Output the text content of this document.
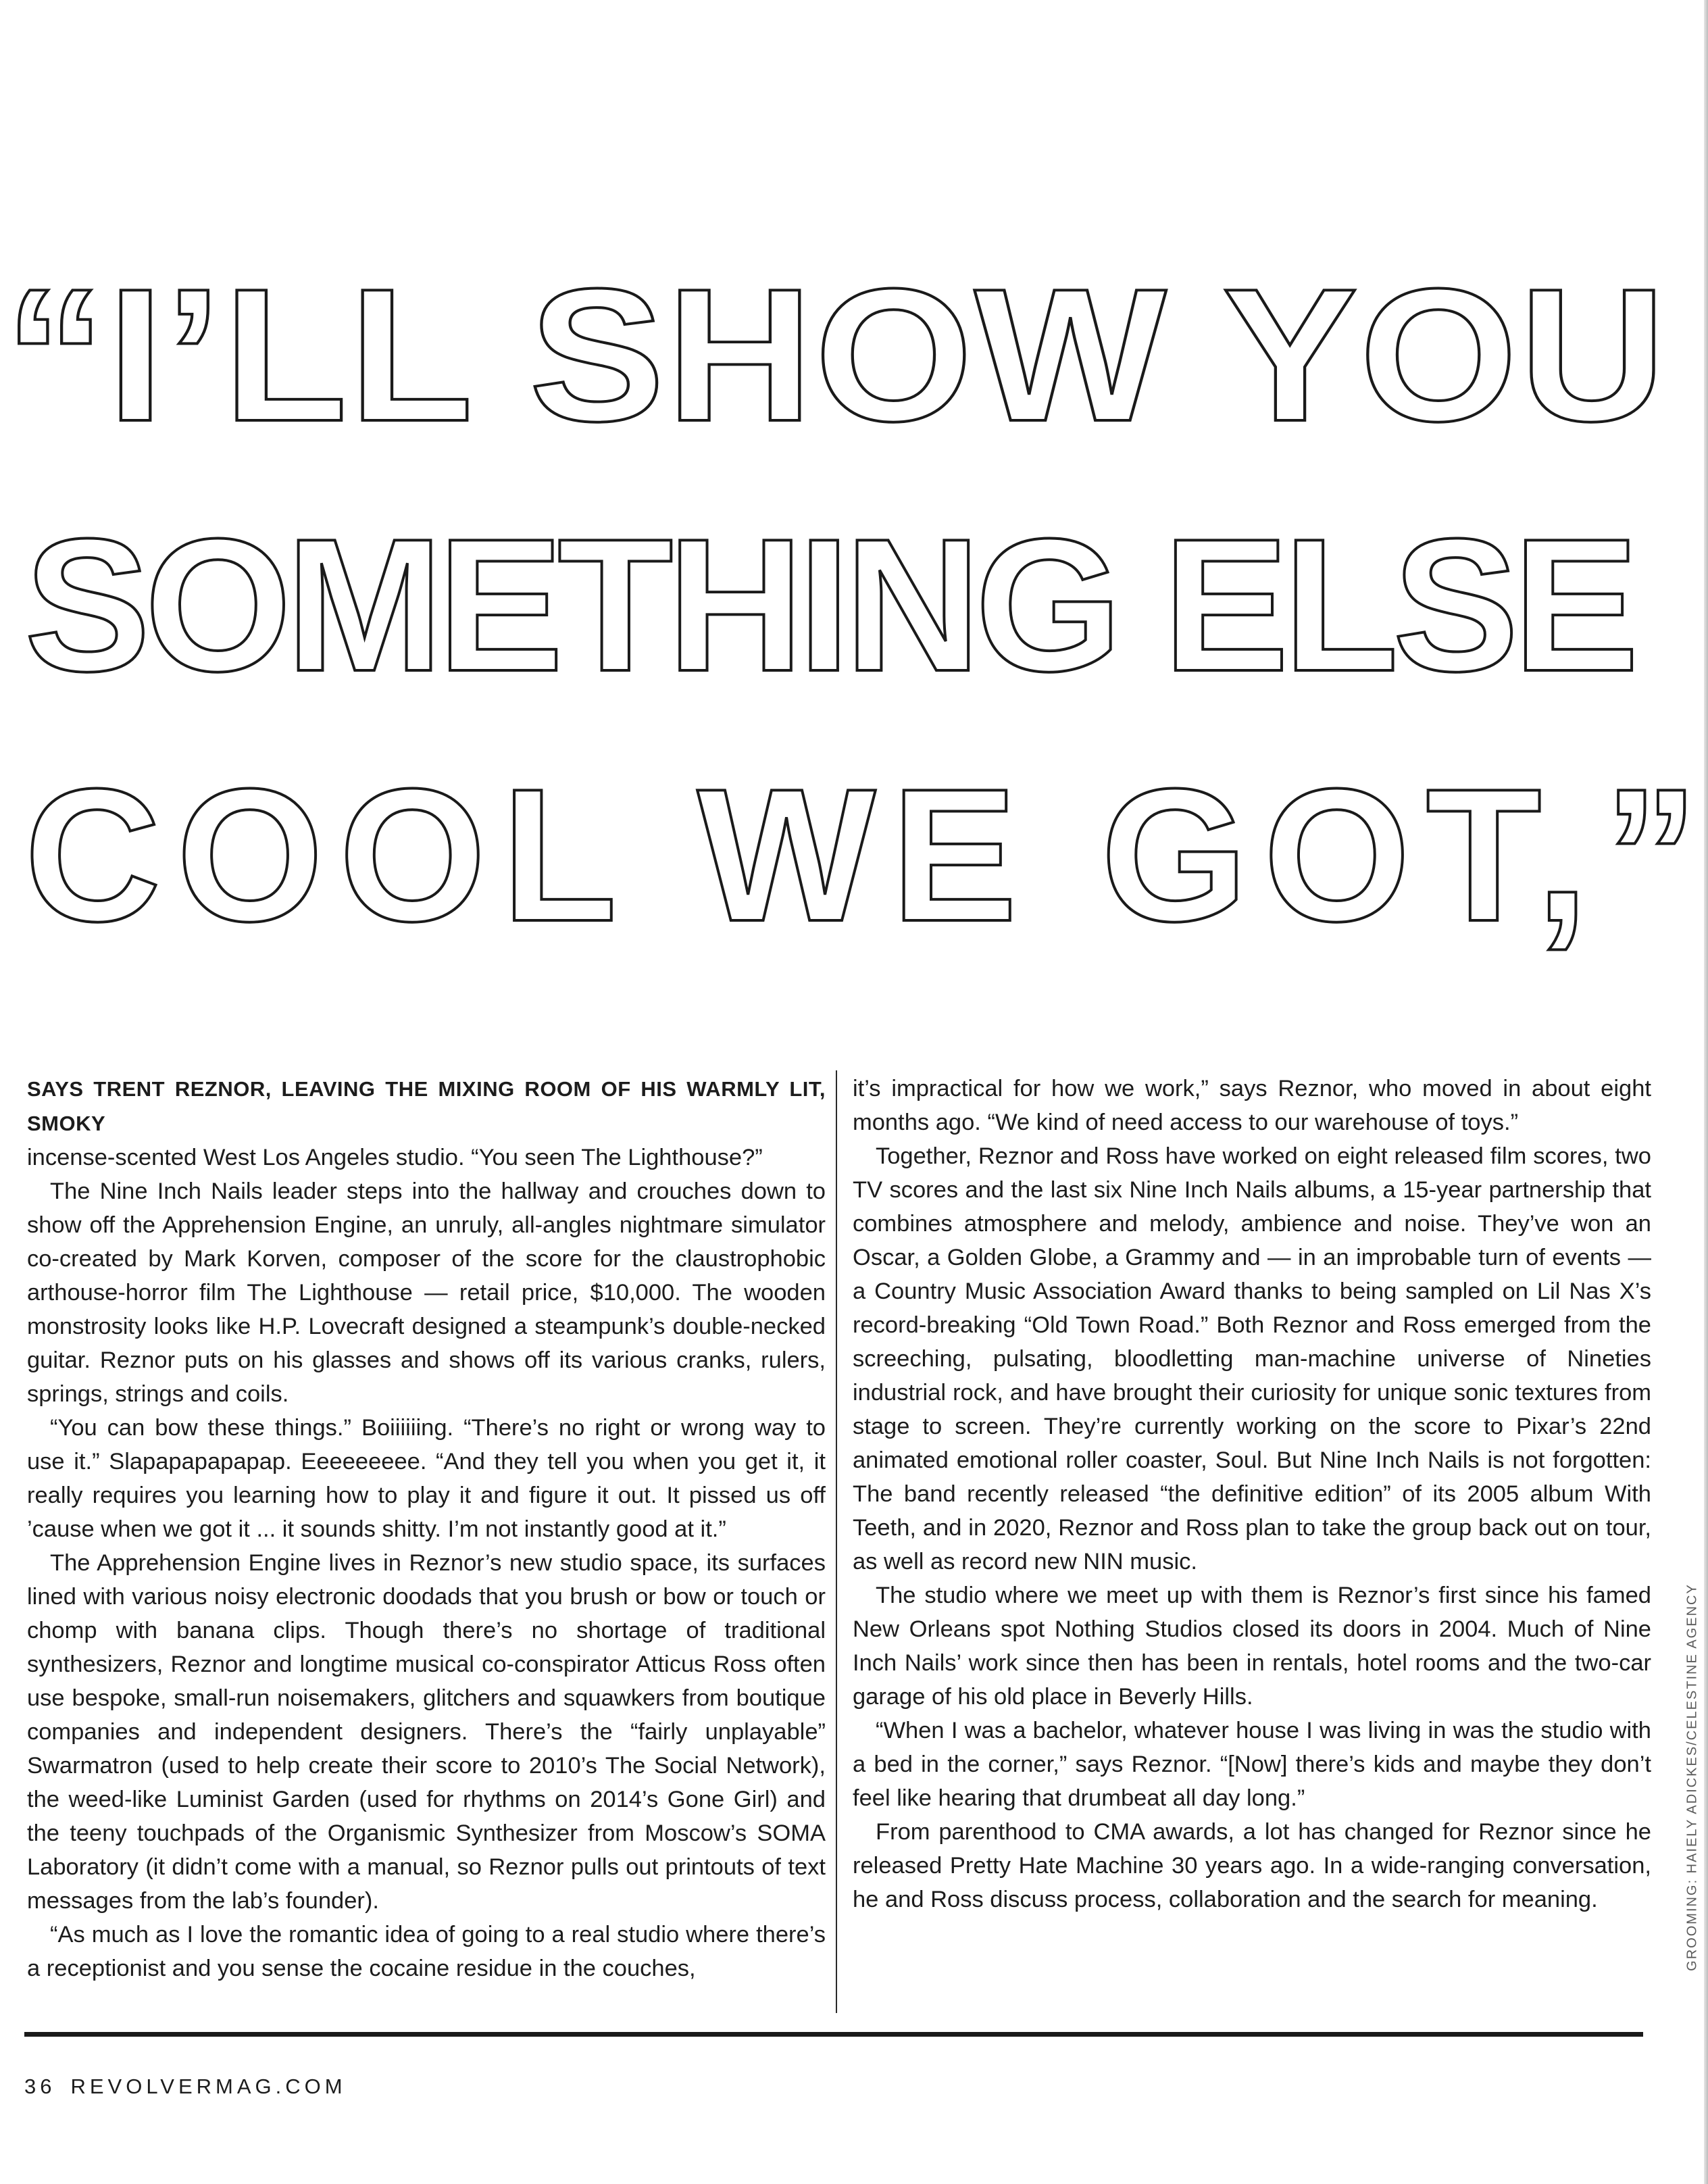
“I’LL SHOW YOU
SOMETHING ELSE
COOL WE GOT,”

SAYS TRENT REZNOR, LEAVING THE MIXING ROOM OF HIS WARMLY LIT, SMOKY
incense-scented West Los Angeles studio. “You seen The Lighthouse?”

The Nine Inch Nails leader steps into the hallway and crouches down to show off the Apprehension Engine, an unruly, all-angles nightmare simulator co-created by Mark Korven, composer of the score for the claustrophobic arthouse-horror film The Lighthouse — retail price, $10,000. The wooden monstrosity looks like H.P. Lovecraft designed a steampunk’s double-necked guitar. Reznor puts on his glasses and shows off its various cranks, rulers, springs, strings and coils.

“You can bow these things.” Boiiiiiing. “There’s no right or wrong way to use it.” Slapapapapapap. Eeeeeeeee. “And they tell you when you get it, it really requires you learning how to play it and figure it out. It pissed us off ’cause when we got it ... it sounds shitty. I’m not instantly good at it.”

The Apprehension Engine lives in Reznor’s new studio space, its surfaces lined with various noisy electronic doodads that you brush or bow or touch or chomp with banana clips. Though there’s no shortage of traditional synthesizers, Reznor and longtime musical co-conspirator Atticus Ross often use bespoke, small-run noisemakers, glitchers and squawkers from boutique companies and independent designers. There’s the “fairly unplayable” Swarmatron (used to help create their score to 2010’s The Social Network), the weed-like Luminist Garden (used for rhythms on 2014’s Gone Girl) and the teeny touchpads of the Organismic Synthesizer from Moscow’s SOMA Laboratory (it didn’t come with a manual, so Reznor pulls out printouts of text messages from the lab’s founder).

“As much as I love the romantic idea of going to a real studio where there’s a receptionist and you sense the cocaine residue in the couches,

it’s impractical for how we work,” says Reznor, who moved in about eight months ago. “We kind of need access to our warehouse of toys.”

Together, Reznor and Ross have worked on eight released film scores, two TV scores and the last six Nine Inch Nails albums, a 15-year partnership that combines atmosphere and melody, ambience and noise. They’ve won an Oscar, a Golden Globe, a Grammy and — in an improbable turn of events — a Country Music Association Award thanks to being sampled on Lil Nas X’s record-breaking “Old Town Road.” Both Reznor and Ross emerged from the screeching, pulsating, bloodletting man-machine universe of Nineties industrial rock, and have brought their curiosity for unique sonic textures from stage to screen. They’re currently working on the score to Pixar’s 22nd animated emotional roller coaster, Soul. But Nine Inch Nails is not forgotten: The band recently released “the definitive edition” of its 2005 album With Teeth, and in 2020, Reznor and Ross plan to take the group back out on tour, as well as record new NIN music.

The studio where we meet up with them is Reznor’s first since his famed New Orleans spot Nothing Studios closed its doors in 2004. Much of Nine Inch Nails’ work since then has been in rentals, hotel rooms and the two-car garage of his old place in Beverly Hills.

“When I was a bachelor, whatever house I was living in was the studio with a bed in the corner,” says Reznor. “[Now] there’s kids and maybe they don’t feel like hearing that drumbeat all day long.”

From parenthood to CMA awards, a lot has changed for Reznor since he released Pretty Hate Machine 30 years ago. In a wide-ranging conversation, he and Ross discuss process, collaboration and the search for meaning.	GROOMING: HAIELY ADICKES/CELESTINE AGENCY
36 REVOLVERMAG.COM
